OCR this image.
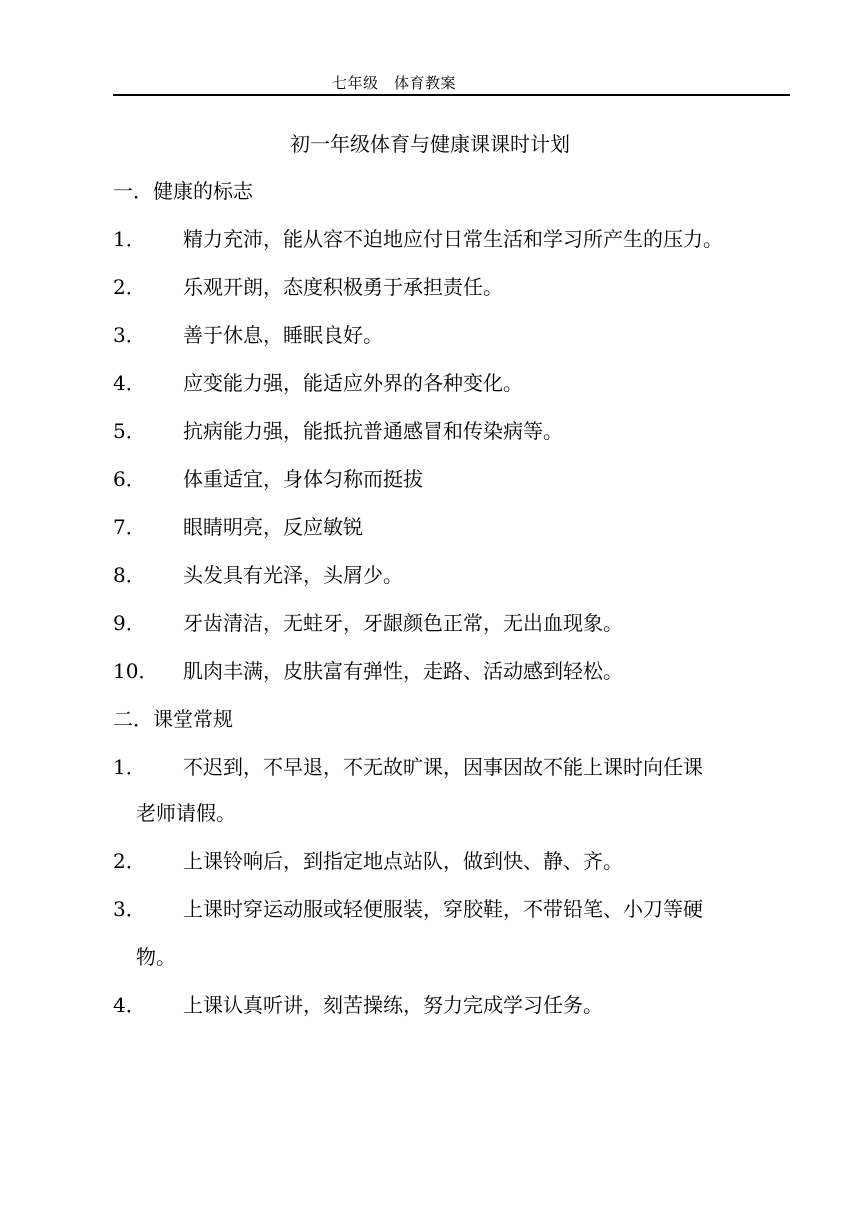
七年级　体育教案
初一年级体育与健康课课时计划
一．健康的标志
1． 精力充沛，能从容不迫地应付日常生活和学习所产生的压力。
2． 乐观开朗，态度积极勇于承担责任。
3． 善于休息，睡眠良好。
4． 应变能力强，能适应外界的各种变化。
5． 抗病能力强，能抵抗普通感冒和传染病等。
6． 体重适宜，身体匀称而挺拔
7． 眼睛明亮，反应敏锐
8． 头发具有光泽，头屑少。
9． 牙齿清洁，无蛀牙，牙龈颜色正常，无出血现象。
10． 肌肉丰满，皮肤富有弹性，走路、活动感到轻松。
二．课堂常规
1． 不迟到，不早退，不无故旷课，因事因故不能上课时向任课
老师请假。
2． 上课铃响后，到指定地点站队，做到快、静、齐。
3． 上课时穿运动服或轻便服装，穿胶鞋，不带铅笔、小刀等硬
物。
4． 上课认真听讲，刻苦操练，努力完成学习任务。
